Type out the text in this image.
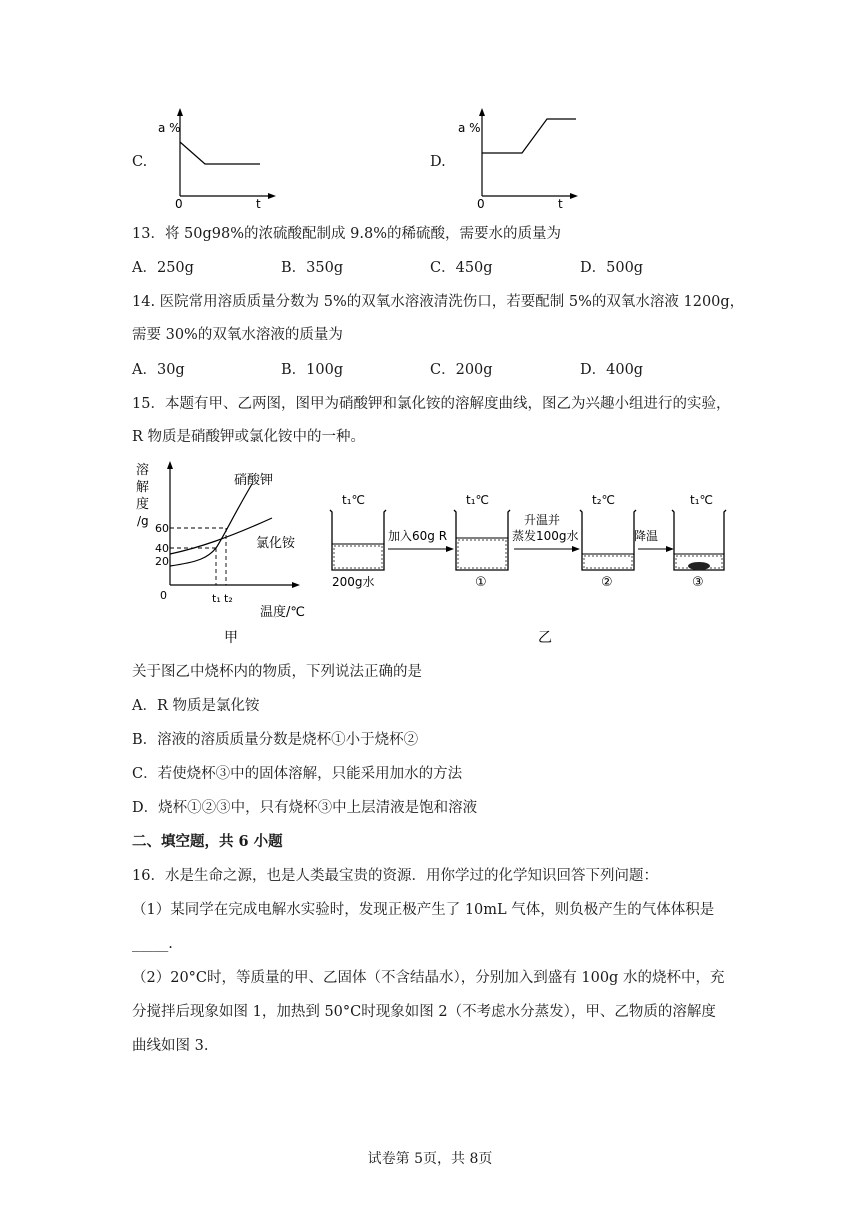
C.
a %
0	t
D.
a %
0	t
13．将 50g98%的浓硫酸配制成 9.8%的稀硫酸，需要水的质量为
A．250g	B．350g	C．450g	D．500g
14. 医院常用溶质质量分数为 5%的双氧水溶液清洗伤口，若要配制 5%的双氧水溶液 1200g，
需要 30%的双氧水溶液的质量为
A．30g	B．100g	C．200g	D．400g
15．本题有甲、乙两图，图甲为硝酸钾和氯化铵的溶解度曲线，图乙为兴趣小组进行的实验，
R 物质是硝酸钾或氯化铵中的一种。
溶
解
度
/g
60
40
20
0	t₁ t₂
温度/℃
硝酸钾
氯化铵
甲
t₁℃
200g水
加入60g R
t₁℃
①
升温并
蒸发100g水
t₂℃
②
降温
t₁℃
③
乙
关于图乙中烧杯内的物质，下列说法正确的是
A．R 物质是氯化铵
B．溶液的溶质质量分数是烧杯①小于烧杯②
C．若使烧杯③中的固体溶解，只能采用加水的方法
D．烧杯①②③中，只有烧杯③中上层清液是饱和溶液
二、填空题，共 6 小题
16．水是生命之源，也是人类最宝贵的资源．用你学过的化学知识回答下列问题：
（1）某同学在完成电解水实验时，发现正极产生了 10mL 气体，则负极产生的气体体积是
_____.
（2）20°C时，等质量的甲、乙固体（不含结晶水），分别加入到盛有 100g 水的烧杯中，充
分搅拌后现象如图 1，加热到 50°C时现象如图 2（不考虑水分蒸发），甲、乙物质的溶解度
曲线如图 3.
试卷第 5页，共 8页
